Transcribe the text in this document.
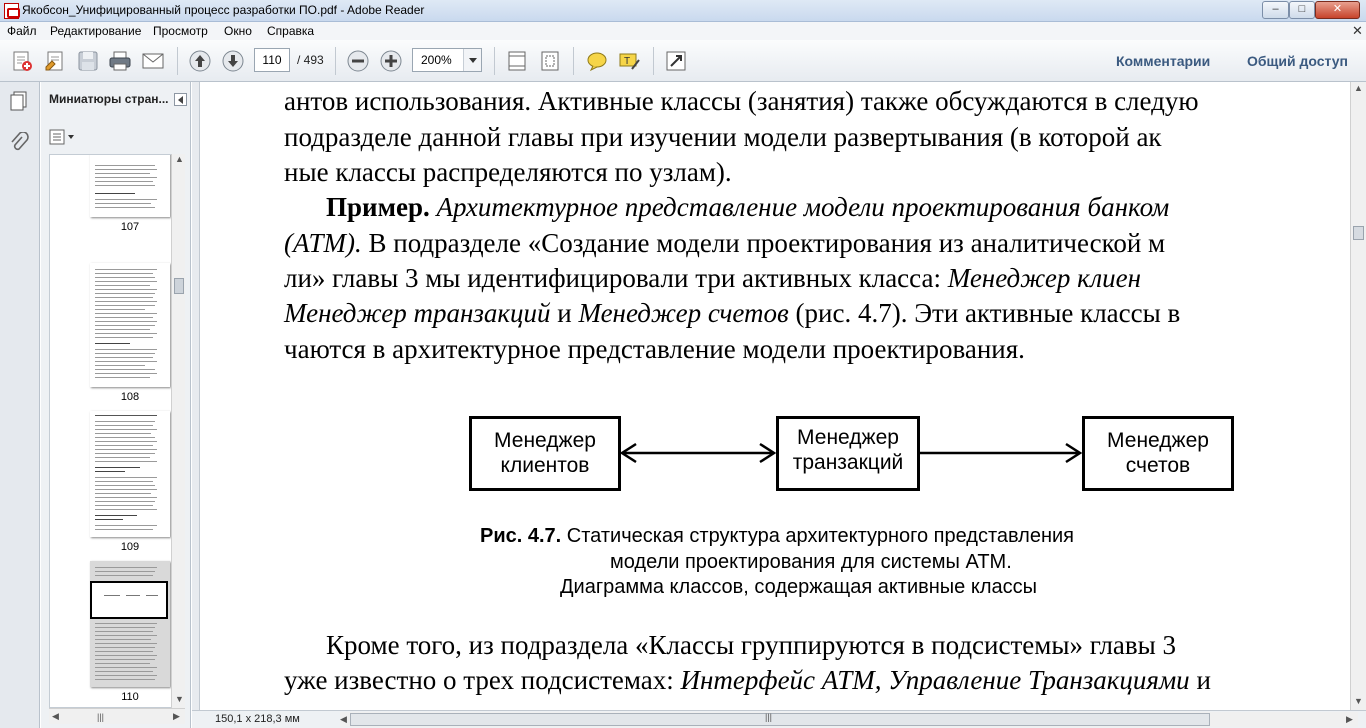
Якобсон_Унифицированный процесс разработки ПО.pdf - Adobe Reader	–	□	✕
Файл Редактирование Просмотр Окно Справка	✕
T
110	/ 493	200%	Комментарии	Общий доступ
Миниатюры стран...
107
108
109
110
▲
▼
◀	|||	▶
антов использования. Активные классы (занятия) также обсуждаются в следую
подразделе данной главы при изучении модели развертывания (в которой ак
ные классы распределяются по узлам).
Пример. Архитектурное представление модели проектирования банком
(ATM). В подразделе «Создание модели проектирования из аналитической м
ли» главы 3 мы идентифицировали три активных класса: Менеджер клиен
Менеджер транзакций и Менеджер счетов (рис. 4.7). Эти активные классы в
чаются в архитектурное представление модели проектирования.
Менеджер
клиентов
Менеджер
транзакций
Менеджер
счетов
Рис. 4.7. Статическая структура архитектурного представления
модели проектирования для системы ATM.
Диаграмма классов, содержащая активные классы
Кроме того, из подраздела «Классы группируются в подсистемы» главы 3
уже известно о трех подсистемах: Интерфейс ATM, Управление Транзакциями и
▲
▼
150,1 x 218,3 мм	◀	|||	▶
